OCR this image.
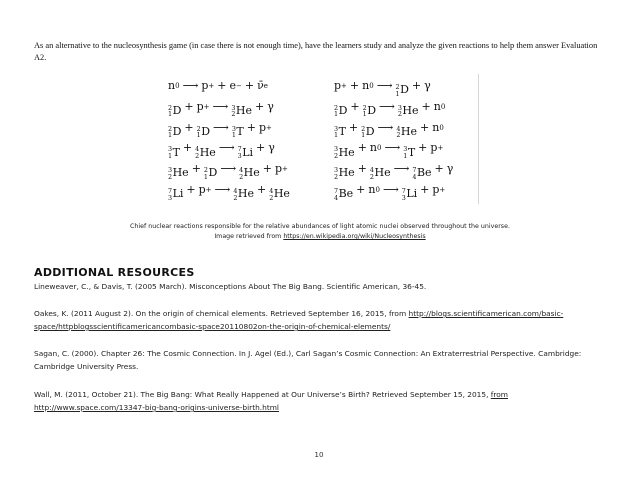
As an alternative to the nucleosynthesis game (in case there is not enough time), have the learners study and analyze the given reactions to help them answer Evaluation A2.
n 0 ⟶ p + + e − + ν̄ e
2
1 D + p + ⟶ 3
2 He + γ
2
1 D + 2
1 D ⟶ 3
1 T + p +
3
1 T + 4
2 He ⟶ 7
3 Li + γ
3
2 He + 2
1 D ⟶ 4
2 He + p +
7
3 Li + p + ⟶ 4
2 He + 4
2 He
p + + n 0 ⟶ 2
1 D + γ
2
1 D + 2
1 D ⟶ 3
2 He + n 0
3
1 T + 2
1 D ⟶ 4
2 He + n 0
3
2 He + n 0 ⟶ 3
1 T + p +
3
2 He + 4
2 He ⟶ 7
4 Be + γ
7
4 Be + n 0 ⟶ 7
3 Li + p +
Chief nuclear reactions responsible for the relative abundances of light atomic nuclei observed throughout the universe.
Image retrieved from https://en.wikipedia.org/wiki/Nucleosynthesis
ADDITIONAL RESOURCES
Lineweaver, C., & Davis, T. (2005 March). Misconceptions About The Big Bang. Scientific American, 36-45.
Oakes, K. (2011 August 2). On the origin of chemical elements. Retrieved September 16, 2015, from http://blogs.scientificamerican.com/basic-space/httpblogsscientificamericancombasic-space20110802on-the-origin-of-chemical-elements/
Sagan, C. (2000). Chapter 26: The Cosmic Connection. In J. Agel (Ed.), Carl Sagan’s Cosmic Connection: An Extraterrestrial Perspective. Cambridge: Cambridge University Press.
Wall, M. (2011, October 21). The Big Bang: What Really Happened at Our Universe’s Birth? Retrieved September 15, 2015, from http://www.space.com/13347-big-bang-origins-universe-birth.html
10
